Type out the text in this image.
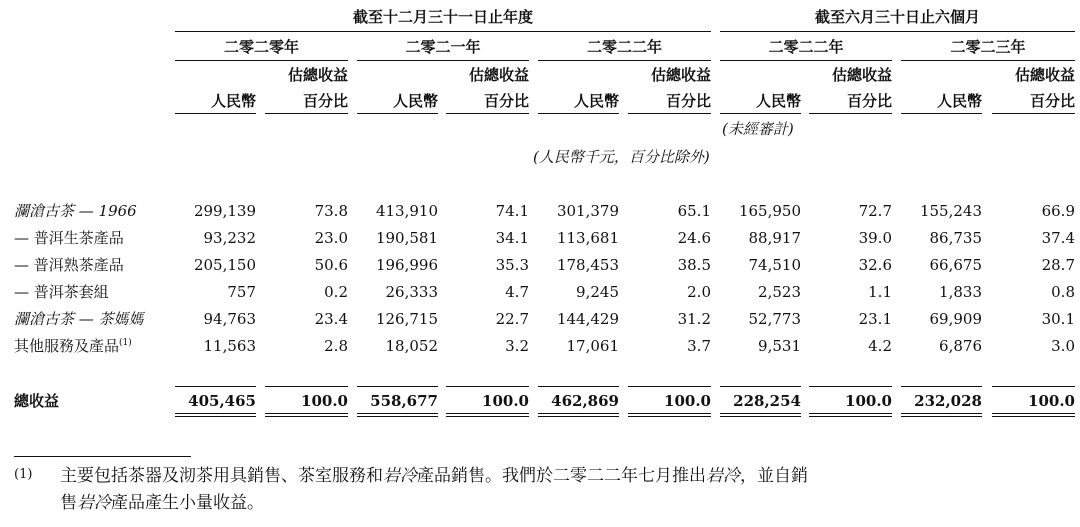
截至十二月三十一日止年度	截至六月三十日止六個月
二零二零年	二零二一年	二零二二年	二零二二年	二零二三年
估總收益	估總收益	估總收益	估總收益	估總收益
人民幣	百分比	人民幣	百分比	人民幣	百分比	人民幣	百分比	人民幣	百分比
(未經審計)
(人民幣千元，百分比除外)
瀾滄古茶 — 1966	299,139	73.8	413,910	74.1	301,379	65.1	165,950	72.7	155,243	66.9
— 普洱生茶產品	93,232	23.0	190,581	34.1	113,681	24.6	88,917	39.0	86,735	37.4
— 普洱熟茶產品	205,150	50.6	196,996	35.3	178,453	38.5	74,510	32.6	66,675	28.7
— 普洱茶套組	757	0.2	26,333	4.7	9,245	2.0	2,523	1.1	1,833	0.8
瀾滄古茶 — 茶媽媽	94,763	23.4	126,715	22.7	144,429	31.2	52,773	23.1	69,909	30.1
其他服務及產品$^{(1)}$	11,563	2.8	18,052	3.2	17,061	3.7	9,531	4.2	6,876	3.0
總收益	405,465	100.0	558,677	100.0	462,869	100.0	228,254	100.0	232,028	100.0
(1) 主要包括茶器及沏茶用具銷售、茶室服務和岩冷產品銷售。我們於二零二二年七月推出岩冷，並自銷
售岩冷產品產生小量收益。
